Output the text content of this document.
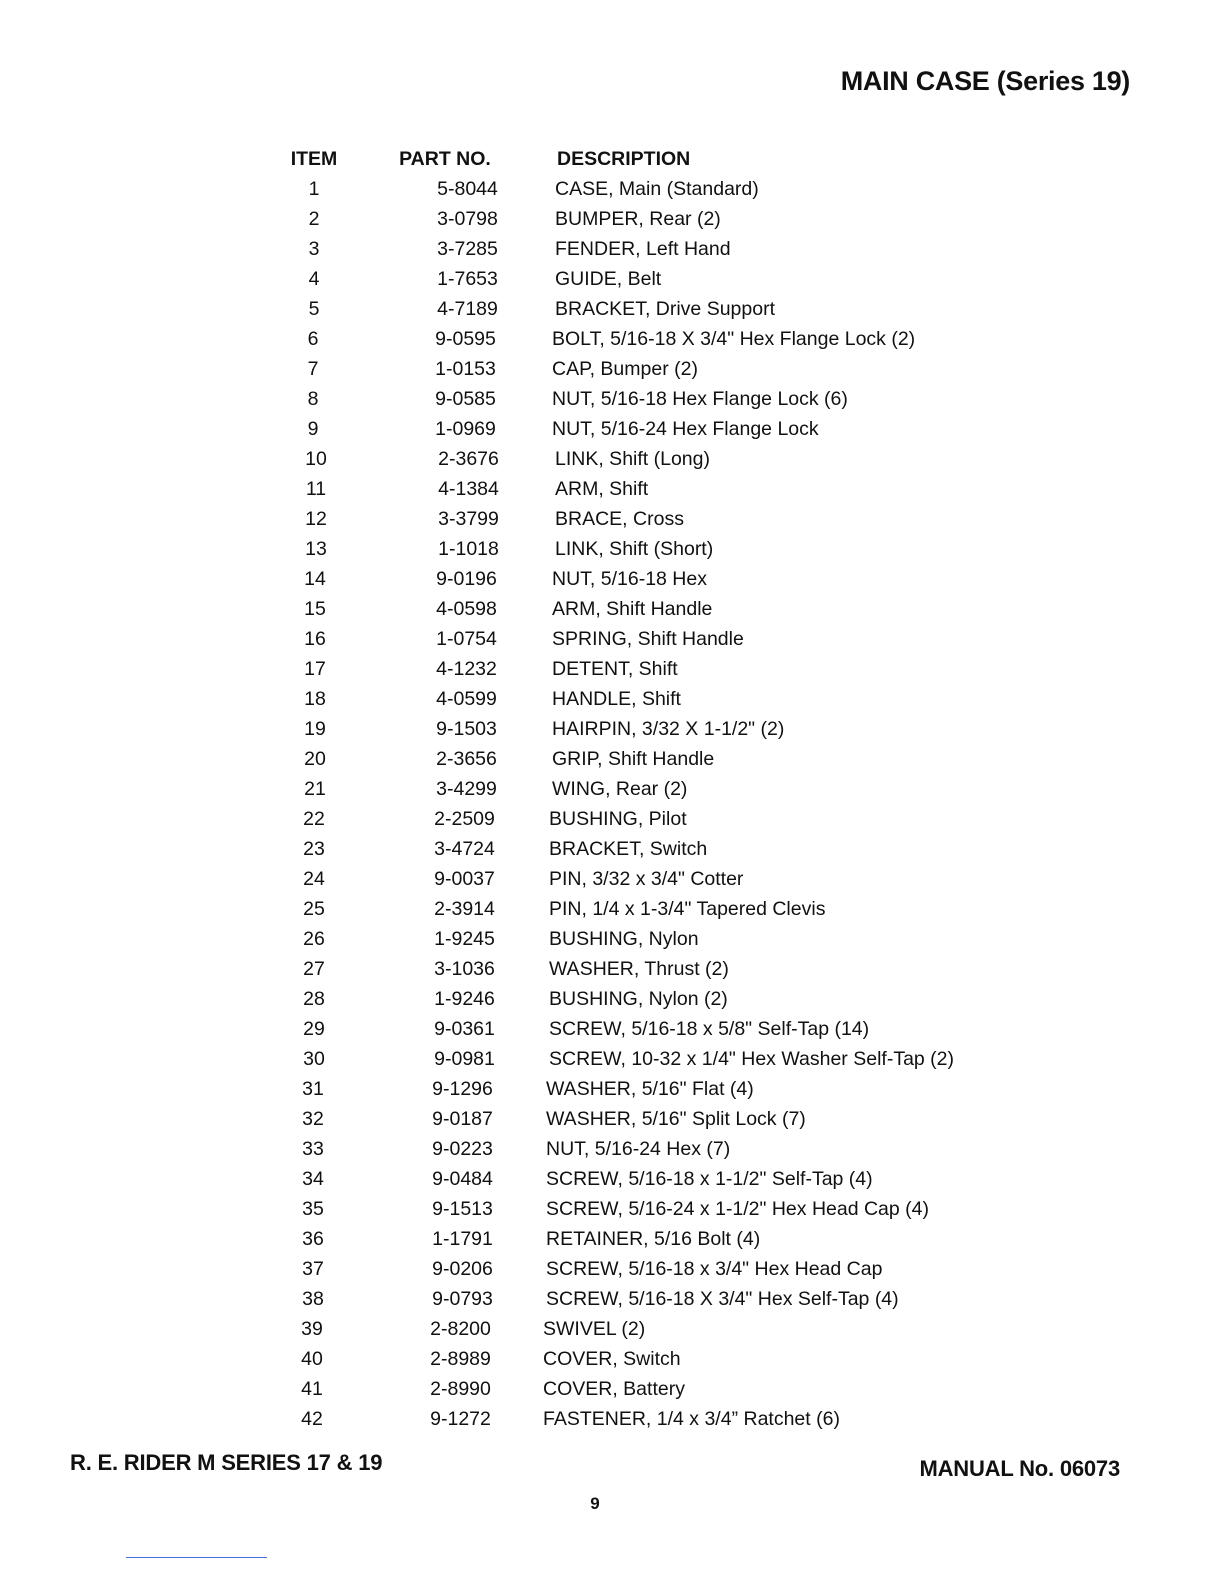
MAIN CASE (Series 19)
ITEM	PART NO.	DESCRIPTION
1	5-8044	CASE, Main (Standard)
2	3-0798	BUMPER, Rear (2)
3	3-7285	FENDER, Left Hand
4	1-7653	GUIDE, Belt
5	4-7189	BRACKET, Drive Support
6	9-0595	BOLT, 5/16-18 X 3/4" Hex Flange Lock (2)
7	1-0153	CAP, Bumper (2)
8	9-0585	NUT, 5/16-18 Hex Flange Lock (6)
9	1-0969	NUT, 5/16-24 Hex Flange Lock
10	2-3676	LINK, Shift (Long)
11	4-1384	ARM, Shift
12	3-3799	BRACE, Cross
13	1-1018	LINK, Shift (Short)
14	9-0196	NUT, 5/16-18 Hex
15	4-0598	ARM, Shift Handle
16	1-0754	SPRING, Shift Handle
17	4-1232	DETENT, Shift
18	4-0599	HANDLE, Shift
19	9-1503	HAIRPIN, 3/32 X 1-1/2" (2)
20	2-3656	GRIP, Shift Handle
21	3-4299	WING, Rear (2)
22	2-2509	BUSHING, Pilot
23	3-4724	BRACKET, Switch
24	9-0037	PIN, 3/32 x 3/4" Cotter
25	2-3914	PIN, 1/4 x 1-3/4" Tapered Clevis
26	1-9245	BUSHING, Nylon
27	3-1036	WASHER, Thrust (2)
28	1-9246	BUSHING, Nylon (2)
29	9-0361	SCREW, 5/16-18 x 5/8" Self-Tap (14)
30	9-0981	SCREW, 10-32 x 1/4" Hex Washer Self-Tap (2)
31	9-1296	WASHER, 5/16" Flat (4)
32	9-0187	WASHER, 5/16" Split Lock (7)
33	9-0223	NUT, 5/16-24 Hex (7)
34	9-0484	SCREW, 5/16-18 x 1-1/2" Self-Tap (4)
35	9-1513	SCREW, 5/16-24 x 1-1/2" Hex Head Cap (4)
36	1-1791	RETAINER, 5/16 Bolt (4)
37	9-0206	SCREW, 5/16-18 x 3/4" Hex Head Cap
38	9-0793	SCREW, 5/16-18 X 3/4" Hex Self-Tap (4)
39	2-8200	SWIVEL (2)
40	2-8989	COVER, Switch
41	2-8990	COVER, Battery
42	9-1272	FASTENER, 1/4 x 3/4” Ratchet (6)
R. E. RIDER M SERIES 17 & 19	MANUAL No. 06073
9
